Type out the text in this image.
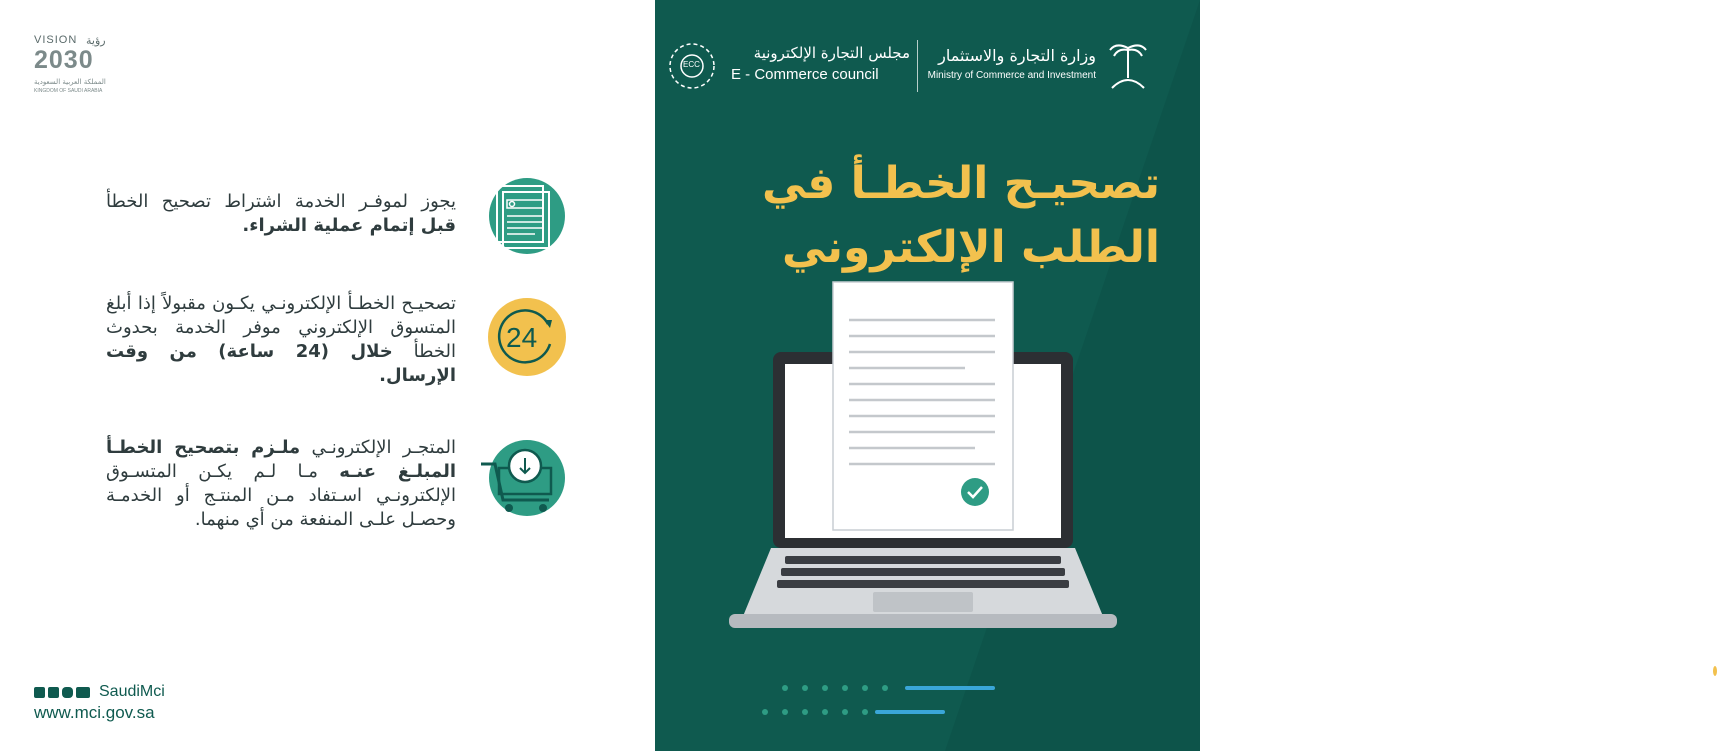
VISION رؤية
2030
المملكة العربية السعودية
KINGDOM OF SAUDI ARABIA
يجوز لموفـر الخدمة اشتراط تصحيح الخطأ قبل إتمام عملية الشراء.
24
تصحيـح الخطـأ الإلكترونـي يكـون مقبولاً إذا أبلغ المتسوق الإلكتروني موفر الخدمة بحدوث الخطأ خلال (24 ساعة) من وقت الإرسال.
المتجـر الإلكترونـي ملـزم بتصحيح الخطـأ المبلـغ عنـه مـا لـم يكـن المتسـوق الإلكترونـي اسـتفاد مـن المنتـج أو الخدمـة وحصـل علـى المنفعة من أي منهما.
SaudiMci
www.mci.gov.sa
ECC
مجلس التجارة الإلكترونية
E - Commerce council
وزارة التجارة والاستثمار
Ministry of Commerce and Investment
تصحيـح الخطـأ في
الطلب الإلكتروني
المادة ٤ من النظام
